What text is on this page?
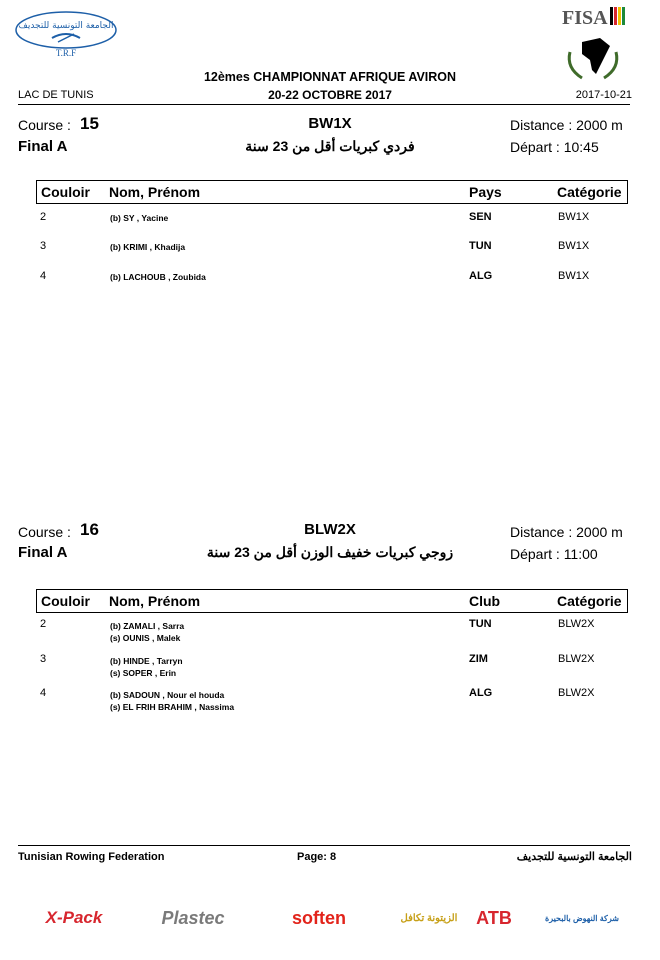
الجامعة التونسية للتجديف
T.R.F
FISA
12èmes CHAMPIONNAT AFRIQUE AVIRON
LAC DE TUNIS	20-22 OCTOBRE 2017	2017-10-21
Course : 15	BW1X	Distance : 2000 m
Final A	فردي كبريات أقل من 23 سنة	Départ : 10:45
Couloir Nom, Prénom	Pays	Catégorie
2	(b) SY , Yacine	SEN	BW1X
3	(b) KRIMI , Khadija	TUN	BW1X
4	(b) LACHOUB , Zoubida	ALG	BW1X
Course : 16	BLW2X	Distance : 2000 m
Final A	زوجي كبريات خفيف الوزن أقل من 23 سنة	Départ : 11:00
Couloir Nom, Prénom	Club	Catégorie
2	(b) ZAMALI , Sarra
(s) OUNIS , Malek
TUN	BLW2X
3	(b) HINDE , Tarryn
(s) SOPER , Erin
ZIM	BLW2X
4	(b) SADOUN , Nour el houda
(s) EL FRIH BRAHIM , Nassima
ALG	BLW2X
Tunisian Rowing Federation	Page: 8	الجامعة التونسية للتجديف
X-Pack	Plastec	soften	الزيتونة تكافل ATB	شركة النهوض بالبحيرة
